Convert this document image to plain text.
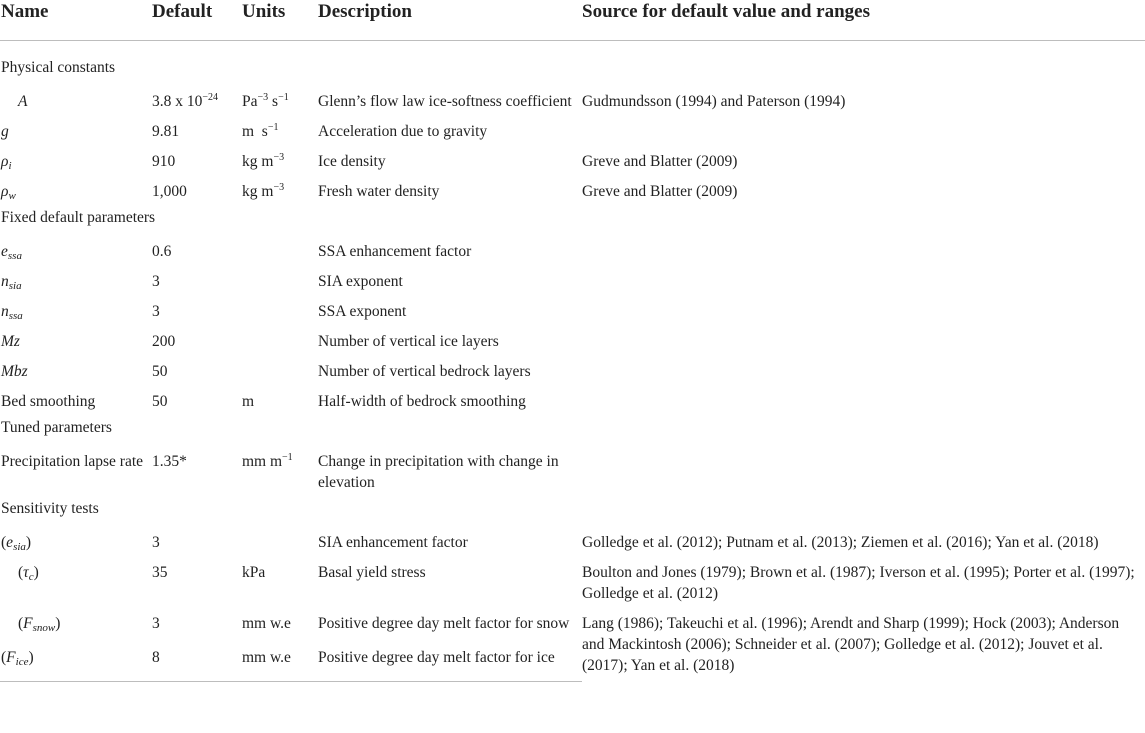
Name	Default	Units	Description	Source for default value and ranges

Physical constants				
A	3.8 x $10^{-24}$	$Pa^{-3}$ $s^{-1}$	Glenn’s flow law ice-softness coefficient	Gudmundsson (1994) and Paterson (1994)
g	9.81	m  $s^{-1}$	Acceleration due to gravity	
$\rho_i$	910	kg $m^{-3}$	Ice density	Greve and Blatter (2009)
$\rho_w$	1,000	kg $m^{-3}$	Fresh water density	Greve and Blatter (2009)
Fixed default parameters				
$e_{ssa}$	0.6		SSA enhancement factor	
$n_{sia}$	3		SIA exponent	
$n_{ssa}$	3		SSA exponent	
Mz	200		Number of vertical ice layers	
Mbz	50		Number of vertical bedrock layers	
Bed smoothing	50	m	Half-width of bedrock smoothing	
Tuned parameters				
Precipitation lapse rate	1.35*	mm $m^{-1}$	Change in precipitation with change in elevation	
Sensitivity tests				
$(e_{sia})$	3		SIA enhancement factor	Golledge et al. (2012); Putnam et al. (2013); Ziemen et al. (2016); Yan et al. (2018)
$(\tau_c)$	35	kPa	Basal yield stress	Boulton and Jones (1979); Brown et al. (1987); Iverson et al. (1995); Porter et al. (1997); Golledge et al. (2012)
$(F_{snow})$	3	mm w.e	Positive degree day melt factor for snow	Lang (1986); Takeuchi et al. (1996); Arendt and Sharp (1999); Hock (2003); Anderson and Mackintosh (2006); Schneider et al. (2007); Golledge et al. (2012); Jouvet et al. (2017); Yan et al. (2018)
$(F_{ice})$	8	mm w.e	Positive degree day melt factor for ice	
